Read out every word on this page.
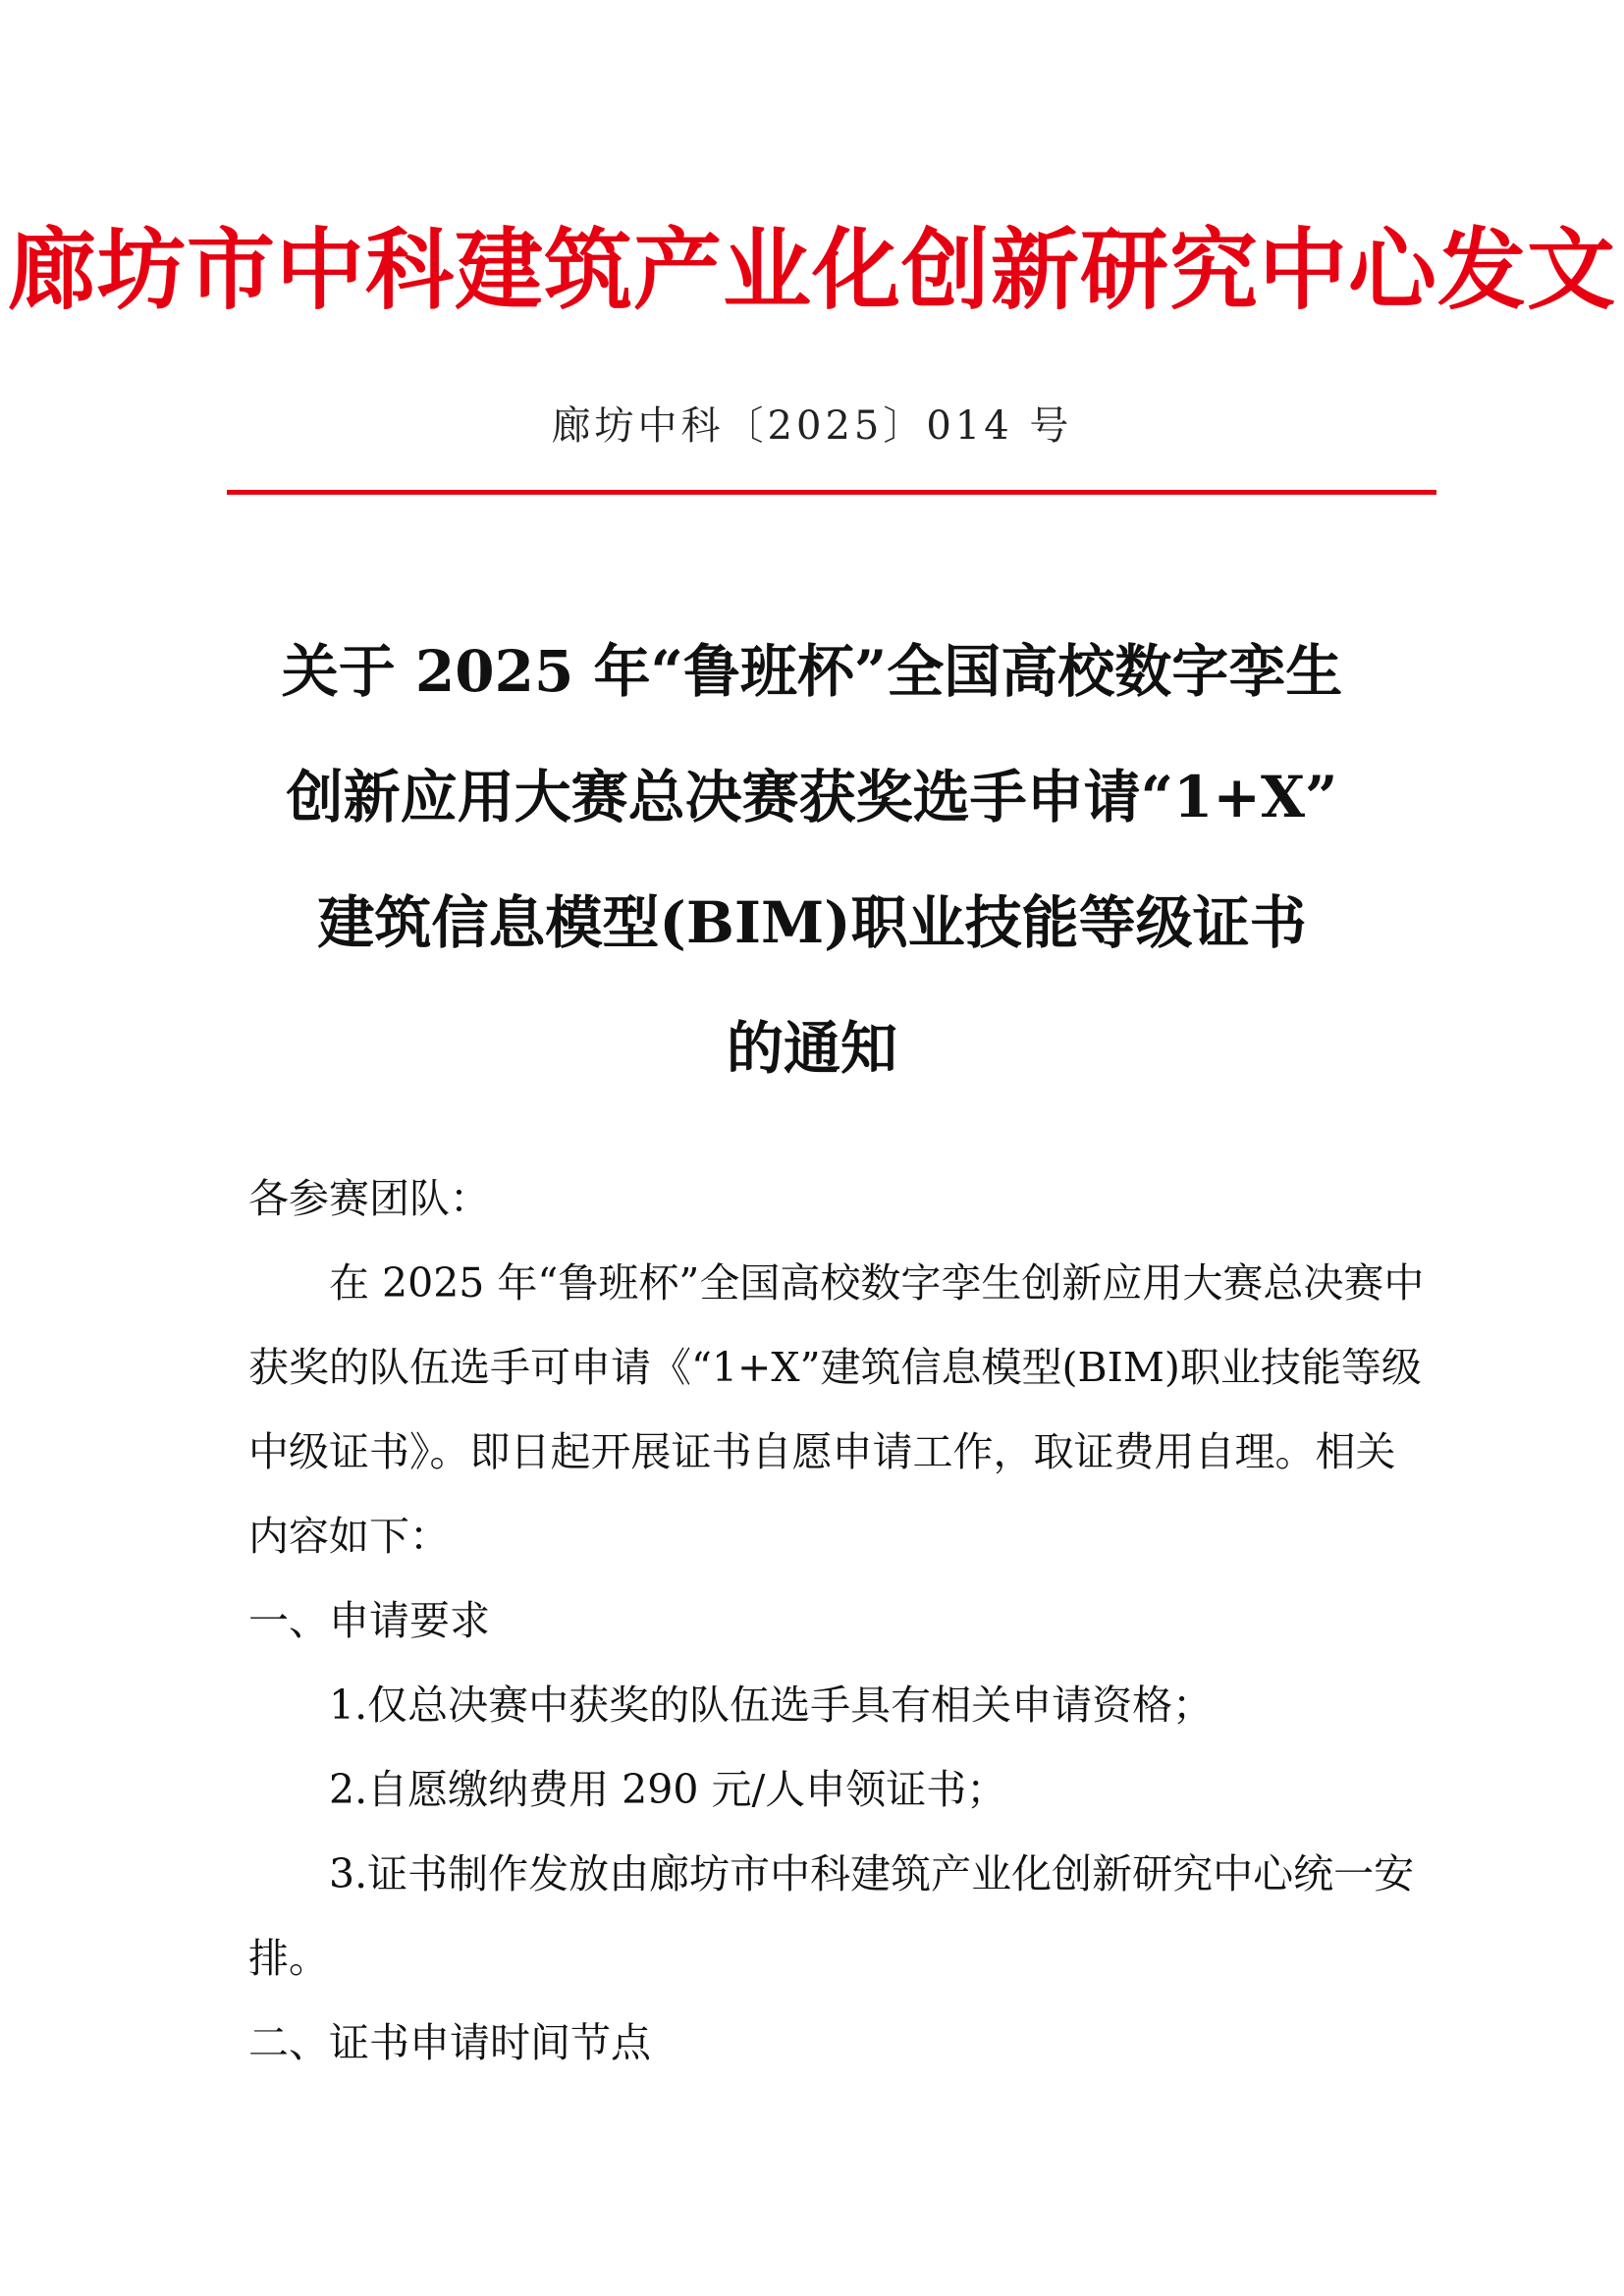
廊坊市中科建筑产业化创新研究中心发文
廊坊中科〔2025〕014 号
关于 2025 年“鲁班杯”全国高校数字孪生
创新应用大赛总决赛获奖选手申请“1+X”
建筑信息模型(BIM)职业技能等级证书
的通知

各参赛团队：

在 2025 年“鲁班杯”全国高校数字孪生创新应用大赛总决赛中获奖的队伍选手可申请《“1+X”建筑信息模型(BIM)职业技能等级中级证书》。即日起开展证书自愿申请工作，取证费用自理。相关内容如下：

一、申请要求

1.仅总决赛中获奖的队伍选手具有相关申请资格；

2.自愿缴纳费用 290 元/人申领证书；

3.证书制作发放由廊坊市中科建筑产业化创新研究中心统一安排。

二、证书申请时间节点
